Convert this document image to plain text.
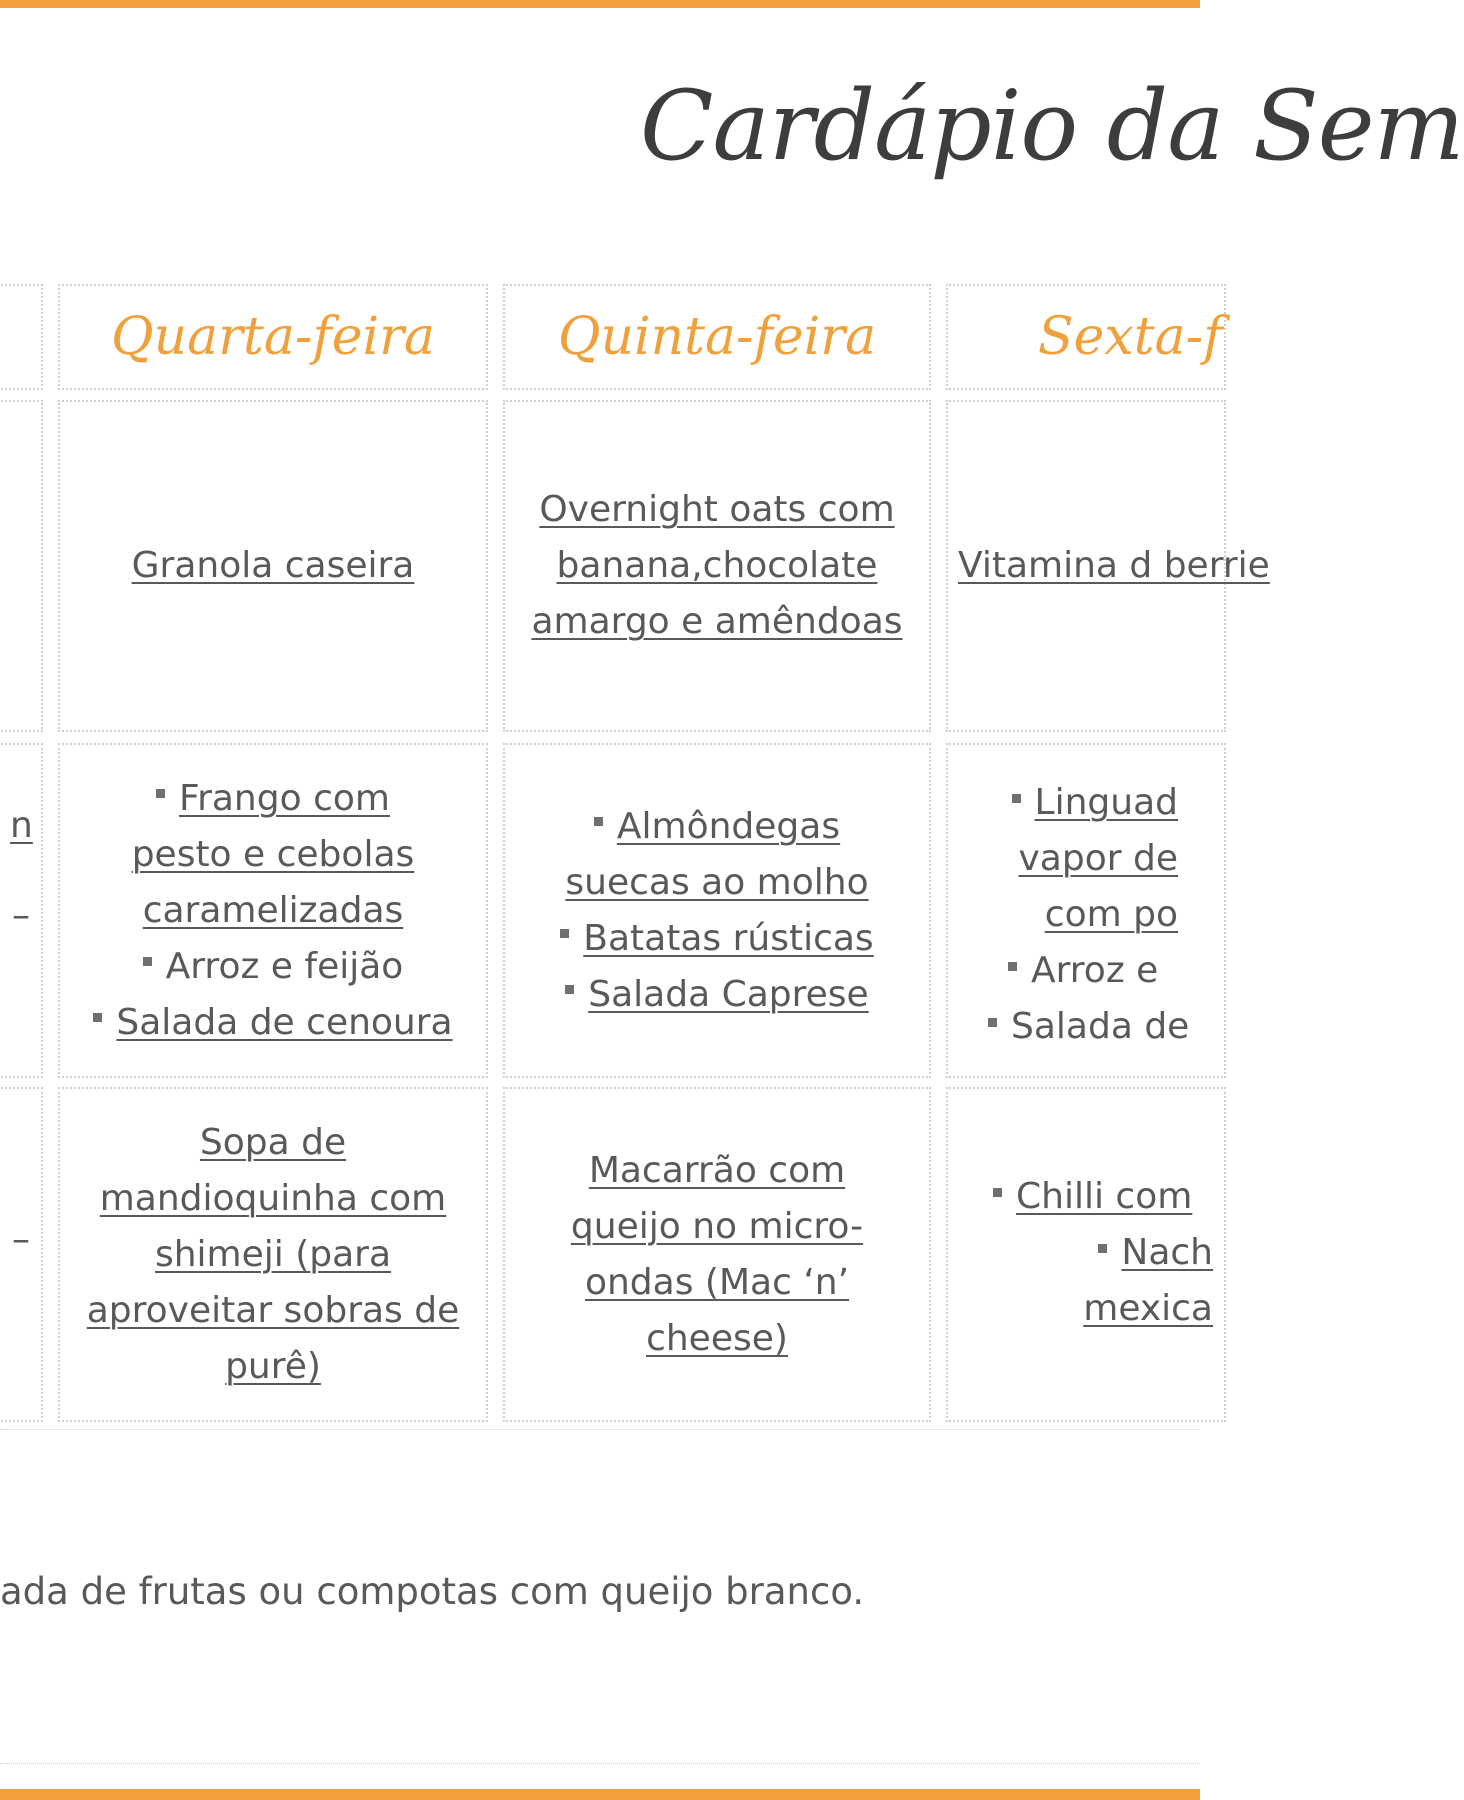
Cardápio da Sem
Quarta-feira Quinta-feira	Sexta-f
Granola caseira
Overnight oats com banana,chocolate amargo e amêndoas
Vitamina d berrie
n
–
Frango com pesto e cebolas caramelizadas
Arroz e feijão
Salada de cenoura
Almôndegas suecas ao molho
Batatas rústicas
Salada Caprese
Linguad vapor de com po
Arroz e
Salada de
–
Sopa de mandioquinha com shimeji (para aproveitar sobras de purê)
Macarrão com queijo no micro-ondas (Mac ‘n’ cheese)
Chilli com
Nach mexica
ada de frutas ou compotas com queijo branco.
